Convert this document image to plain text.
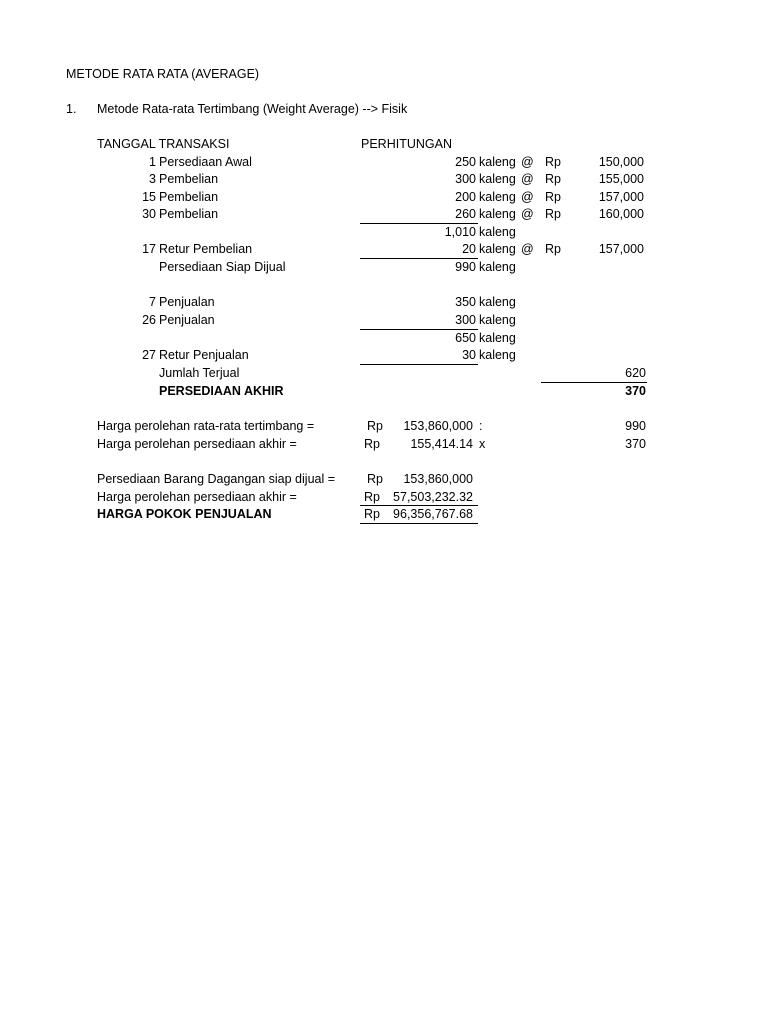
METODE RATA RATA (AVERAGE)
1. Metode Rata-rata Tertimbang (Weight Average) --> Fisik
TANGGAL TRANSAKSI	PERHITUNGAN
1 Persediaan Awal	250 kaleng @ Rp	150,000
3 Pembelian	300 kaleng @ Rp	155,000
15 Pembelian	200 kaleng @ Rp	157,000
30 Pembelian	260 kaleng @ Rp	160,000
1,010 kaleng
17 Retur Pembelian	20 kaleng @ Rp	157,000
Persediaan Siap Dijual	990 kaleng
7 Penjualan	350 kaleng
26 Penjualan	300 kaleng
650 kaleng
27 Retur Penjualan	30 kaleng
Jumlah Terjual	620
PERSEDIAAN AKHIR	370
Harga perolehan rata-rata tertimbang =	Rp 153,860,000 :	990
Harga perolehan persediaan akhir =	Rp 155,414.14 x	370
Persediaan Barang Dagangan siap dijual =	Rp 153,860,000
Harga perolehan persediaan akhir =	Rp 57,503,232.32
HARGA POKOK PENJUALAN	Rp 96,356,767.68
